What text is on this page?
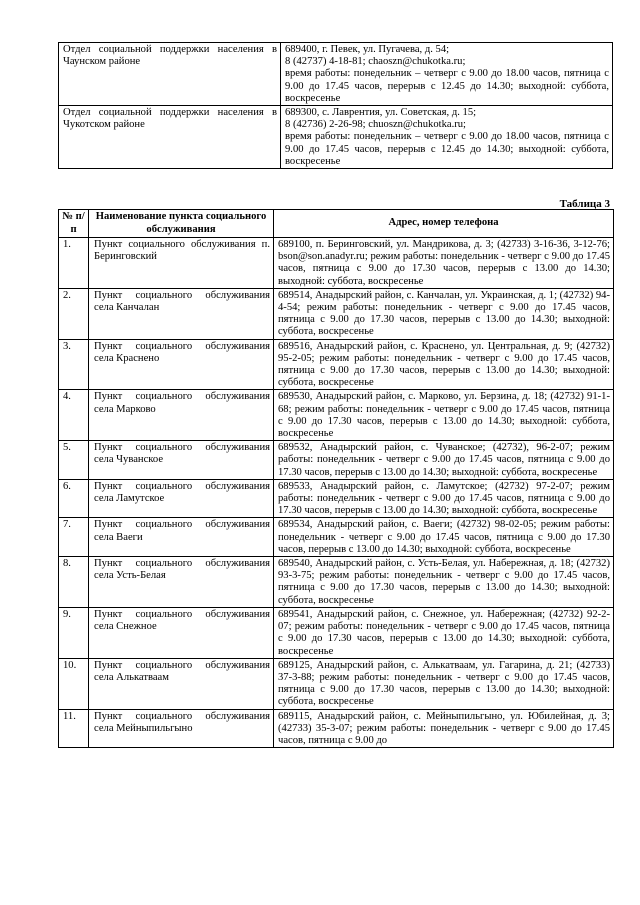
Отдел социальной поддержки населения в Чаунском районе	689400, г. Певек, ул. Пугачева, д. 54;
8 (42737) 4-18-81; chaoszn@chukotka.ru;
время работы: понедельник – четверг с 9.00 до 18.00 часов, пятница с 9.00 до 17.45 часов, перерыв с 12.45 до 14.30; выходной: суббота, воскресенье

Отдел социальной поддержки населения в Чукотском районе	689300, с. Лаврентия, ул. Советская, д. 15;
8 (42736) 2-26-98; chuoszn@chukotka.ru;
время работы: понедельник – четверг с 9.00 до 18.00 часов, пятница с 9.00 до 17.45 часов, перерыв с 12.45 до 14.30; выходной: суббота, воскресенье
Таблица 3
№ п/п	Наименование пункта социального обслуживания	Адрес, номер телефона
1.	Пункт социального обслуживания п. Беринговский	689100, п. Беринговский, ул. Мандрикова, д. 3; (42733) 3-16-36, 3-12-76; bson@son.anadyr.ru; режим работы: понедельник - четверг с 9.00 до 17.45 часов, пятница с 9.00 до 17.30 часов, перерыв с 13.00 до 14.30; выходной: суббота, воскресенье
2.	Пункт социального обслуживания села Канчалан	689514, Анадырский район, с. Канчалан, ул. Украинская, д. 1; (42732) 94-4-54; режим работы: понедельник - четверг с 9.00 до 17.45 часов, пятница с 9.00 до 17.30 часов, перерыв с 13.00 до 14.30; выходной: суббота, воскресенье
3.	Пункт социального обслуживания села Краснено	689516, Анадырский район, с. Краснено, ул. Центральная, д. 9; (42732) 95-2-05; режим работы: понедельник - четверг с 9.00 до 17.45 часов, пятница с 9.00 до 17.30 часов, перерыв с 13.00 до 14.30; выходной: суббота, воскресенье
4.	Пункт социального обслуживания села Марково	689530, Анадырский район, с. Марково, ул. Берзина, д. 18; (42732) 91-1-68; режим работы: понедельник - четверг с 9.00 до 17.45 часов, пятница с 9.00 до 17.30 часов, перерыв с 13.00 до 14.30; выходной: суббота, воскресенье
5.	Пункт социального обслуживания села Чуванское	689532, Анадырский район, с. Чуванское; (42732), 96-2-07; режим работы: понедельник - четверг с 9.00 до 17.45 часов, пятница с 9.00 до 17.30 часов, перерыв с 13.00 до 14.30; выходной: суббота, воскресенье
6.	Пункт социального обслуживания села Ламутское	689533, Анадырский район, с. Ламутское; (42732) 97-2-07; режим работы: понедельник - четверг с 9.00 до 17.45 часов, пятница с 9.00 до 17.30 часов, перерыв с 13.00 до 14.30; выходной: суббота, воскресенье
7.	Пункт социального обслуживания села Ваеги	689534, Анадырский район, с. Ваеги; (42732) 98-02-05; режим работы: понедельник - четверг с 9.00 до 17.45 часов, пятница с 9.00 до 17.30 часов, перерыв с 13.00 до 14.30; выходной: суббота, воскресенье
8.	Пункт социального обслуживания села Усть-Белая	689540, Анадырский район, с. Усть-Белая, ул. Набережная, д. 18; (42732) 93-3-75; режим работы: понедельник - четверг с 9.00 до 17.45 часов, пятница с 9.00 до 17.30 часов, перерыв с 13.00 до 14.30; выходной: суббота, воскресенье
9.	Пункт социального обслуживания села Снежное	689541, Анадырский район, с. Снежное, ул. Набережная; (42732) 92-2-07; режим работы: понедельник - четверг с 9.00 до 17.45 часов, пятница с 9.00 до 17.30 часов, перерыв с 13.00 до 14.30; выходной: суббота, воскресенье
10.	Пункт социального обслуживания села Алькатваам	689125, Анадырский район, с. Алькатваам, ул. Гагарина, д. 21; (42733) 37-3-88; режим работы: понедельник - четверг с 9.00 до 17.45 часов, пятница с 9.00 до 17.30 часов, перерыв с 13.00 до 14.30; выходной: суббота, воскресенье
11.	Пункт социального обслуживания села Мейныпильгыно	689115, Анадырский район, с. Мейныпильгыно, ул. Юбилейная, д. 3; (42733) 35-3-07; режим работы: понедельник - четверг с 9.00 до 17.45 часов, пятница с 9.00 до
